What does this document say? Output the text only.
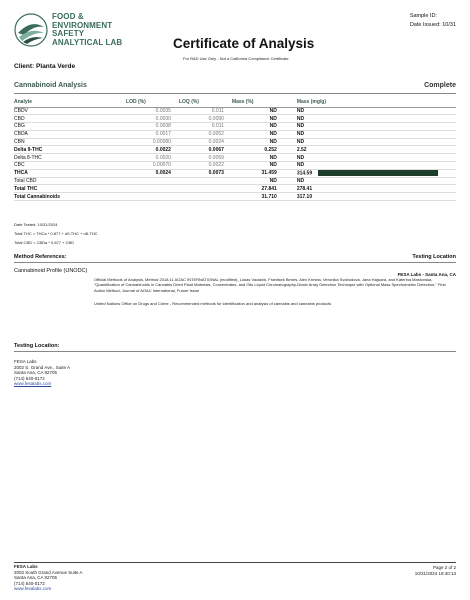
FOOD &
ENVIRONMENT
SAFETY
ANALYTICAL LAB	Certificate of Analysis
Sample ID:
Date Issued: 10/31
For R&D Use Only - Not a California Compliance Certificate
Client: Planta Verde
Cannabinoid Analysis	Complete
Analyte	LOD (%)	LOQ (%)	Mass (%)	Mass (mg/g)
CBDV	0.0035	0.011	ND	ND
CBD	0.0030	0.0090	ND	ND
CBG	0.0038	0.011	ND	ND
CBDA	0.0017	0.0052	ND	ND
CBN	0.00080	0.0024	ND	ND
Delta 9-THC	0.0022	0.0067	0.252	2.52
Delta 8-THC	0.0020	0.0059	ND	ND
CBC	0.00070	0.0022	ND	ND
THCA	0.0024	0.0073	31.459	314.59
Total CBD			ND	ND
Total THC			27.841	278.41
Total Cannabinoids			31.710	317.10
Date Tested: 10/31/2024
Total THC = THCa * 0.877 + d9-THC + d8-THC
Total CBD = CBDa * 0.877 + CBD
Method References:	Testing Location
Cannabinoid Profile (UNODC)
FESA Labs - Santa Ana, CA
Official Methods of Analysis, Method 2018.11 AOAC INTERNATIONAL (modified), Lukas Vaclavik, Frantisek Benes, Alex Krmela, Veronika Svobodova, Jana Hajsova, and Katerina Mastovska, "Quantification of Cannabinoids in Cannabis Dried Plant Materials, Concentrates, and Oils Liquid Chromatography-Diode Array Detection Technique with Optional Mass Spectrometric Detection," First Action Method, Journal of AOAC International, Future Issue
United Nations Office on Drugs and Crime - Recommended methods for identification and analysis of cannabis and cannabis products
Testing Location:
FESA Labs
2002 S. Grand Ave., Suite A
Santa Ana, CA 92705
(714) 540-0172
www.fesalabs.com
FESA Labs
2002 South Grand Avenue Suite A
Santa Ana, CA 92705
(714) 540-0172
www.fesalabs.com
Page 2 of 2
10/31/2024 18:40:13
